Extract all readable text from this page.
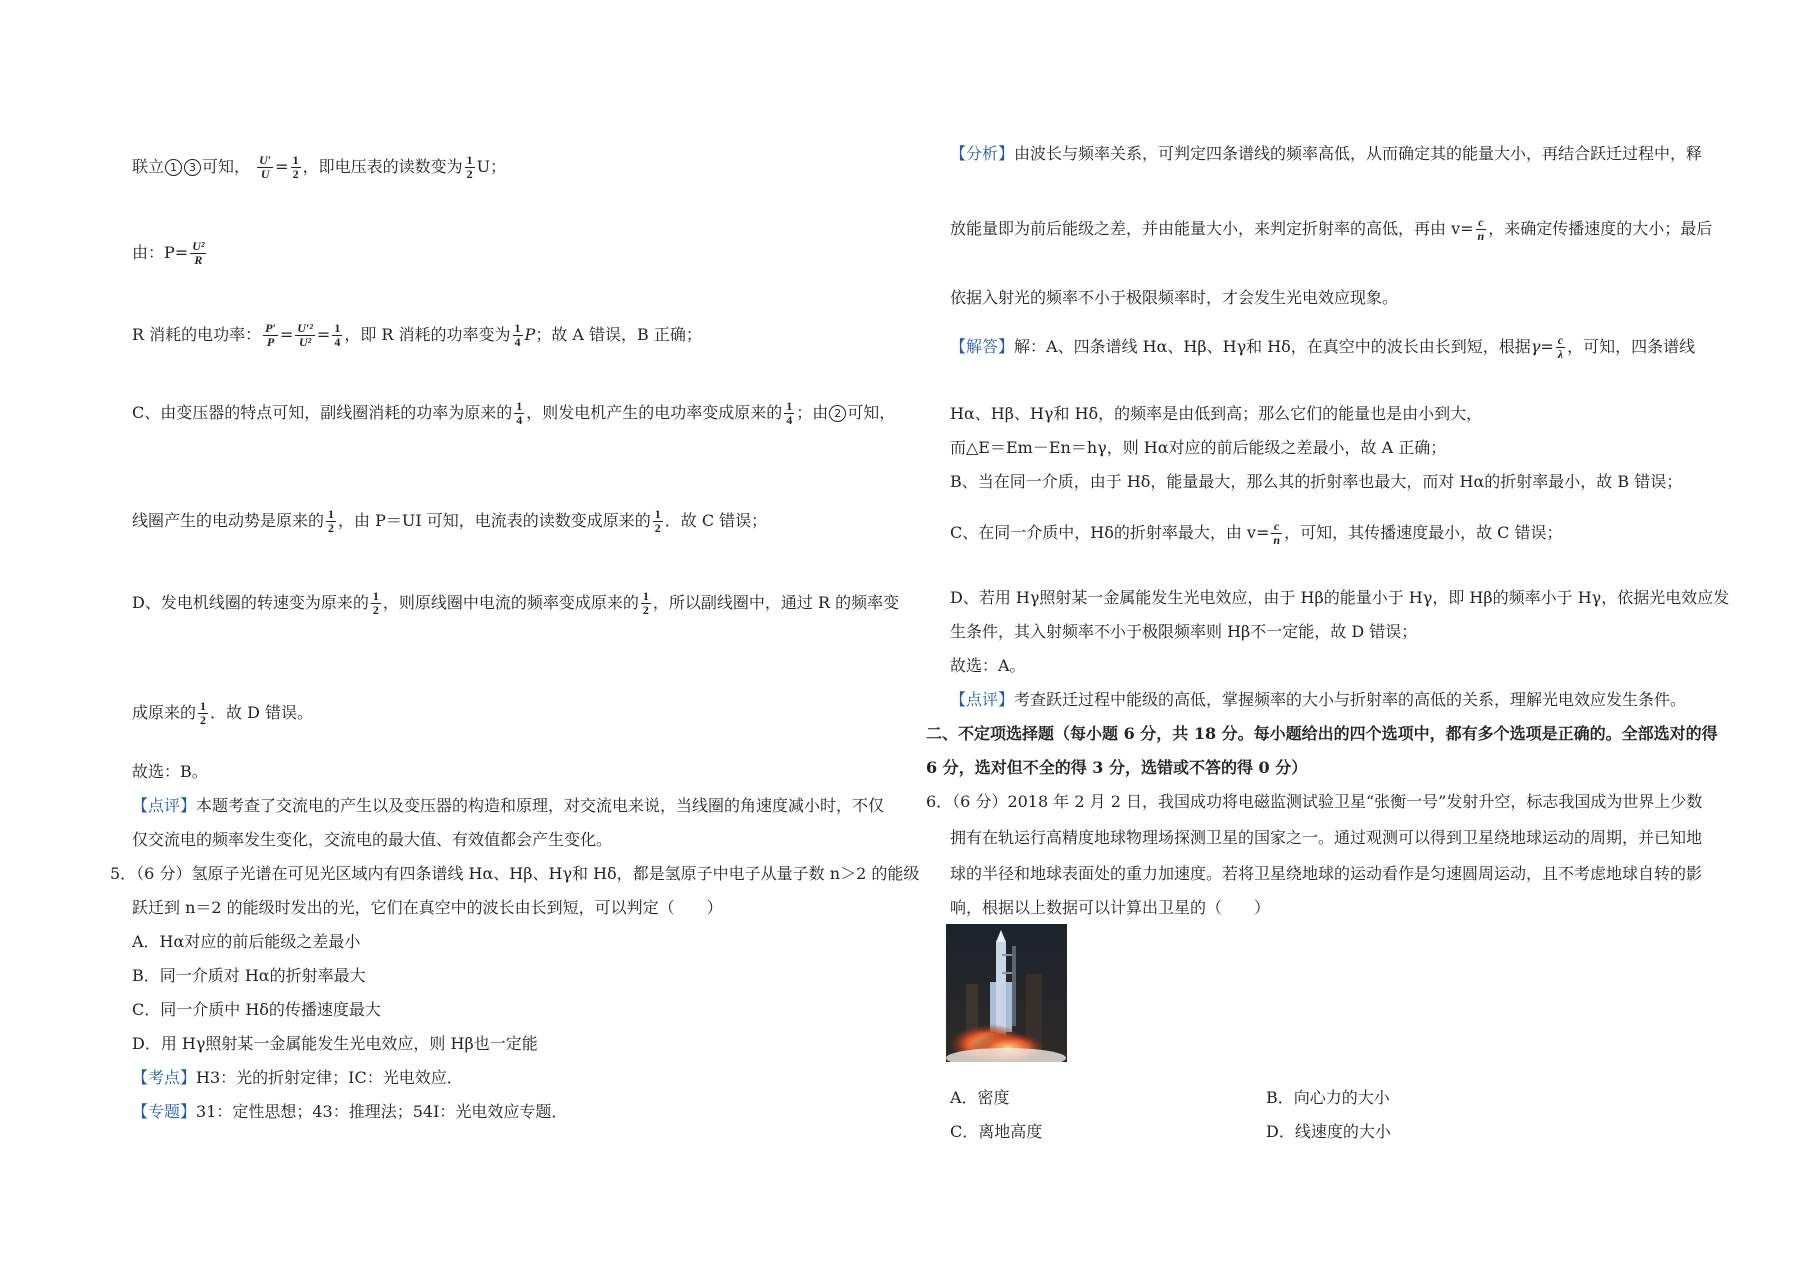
联立 1 3 可知， $\frac{U'}{U} = \frac{1}{2}$ ，即电压表的读数变为 $\frac{1}{2}$ U；
由：$P= \frac{\text{U²}}{R}$
R 消耗的电功率： $\frac{P'}{P} = \frac{\text{U′²}}{\text{U²}} = \frac{1}{4}$ ，即 R 消耗的功率变为 $\frac{1}{4}$ P；故 A 错误，B 正确；
C、由变压器的特点可知，副线圈消耗的功率为原来的 $\frac{1}{4}$ ，则发电机产生的电功率变成原来的 $\frac{1}{4}$ ；由 2 可知，
线圈产生的电动势是原来的 $\frac{1}{2}$ ，由 P＝UI 可知，电流表的读数变成原来的 $\frac{1}{2}$ ．故 C 错误；
D、发电机线圈的转速变为原来的 $\frac{1}{2}$ ，则原线圈中电流的频率变成原来的 $\frac{1}{2}$ ，所以副线圈中，通过 R 的频率变
成原来的 $\frac{1}{2}$ ．故 D 错误。
故选：B。
【点评】本题考查了交流电的产生以及变压器的构造和原理，对交流电来说，当线圈的角速度减小时，不仅
仅交流电的频率发生变化，交流电的最大值、有效值都会产生变化。
5．（6 分）氢原子光谱在可见光区域内有四条谱线 Hα、Hβ、Hγ和 Hδ，都是氢原子中电子从量子数 n＞2 的能级
跃迁到 n＝2 的能级时发出的光，它们在真空中的波长由长到短，可以判定（　　）
A．Hα对应的前后能级之差最小
B．同一介质对 Hα的折射率最大
C．同一介质中 Hδ的传播速度最大
D．用 Hγ照射某一金属能发生光电效应，则 Hβ也一定能
【考点】H3：光的折射定律；IC：光电效应．
【专题】31：定性思想；43：推理法；54I：光电效应专题．
【分析】由波长与频率关系，可判定四条谱线的频率高低，从而确定其的能量大小，再结合跃迁过程中，释
放能量即为前后能级之差，并由能量大小，来判定折射率的高低，再由 $v= \frac{c}{n}$ ，来确定传播速度的大小；最后
依据入射光的频率不小于极限频率时，才会发生光电效应现象。
【解答】解：A、四条谱线 Hα、Hβ、Hγ和 Hδ，在真空中的波长由长到短，根据$\gamma= \frac{c}{\lambda}$ ，可知，四条谱线
Hα、Hβ、Hγ和 Hδ，的频率是由低到高；那么它们的能量也是由小到大，
而△E＝Em－En＝hγ，则 Hα对应的前后能级之差最小，故 A 正确；
B、当在同一介质，由于 Hδ，能量最大，那么其的折射率也最大，而对 Hα的折射率最小，故 B 错误；
C、在同一介质中，Hδ的折射率最大，由 $v= \frac{c}{n}$ ，可知，其传播速度最小，故 C 错误；
D、若用 Hγ照射某一金属能发生光电效应，由于 Hβ的能量小于 Hγ，即 Hβ的频率小于 Hγ，依据光电效应发
生条件，其入射频率不小于极限频率则 Hβ不一定能，故 D 错误；
故选：A。
【点评】考查跃迁过程中能级的高低，掌握频率的大小与折射率的高低的关系，理解光电效应发生条件。
二、不定项选择题（每小题 6 分，共 18 分。每小题给出的四个选项中，都有多个选项是正确的。全部选对的得
6 分，选对但不全的得 3 分，选错或不答的得 0 分）
6．（6 分）2018 年 2 月 2 日，我国成功将电磁监测试验卫星“张衡一号”发射升空，标志我国成为世界上少数
拥有在轨运行高精度地球物理场探测卫星的国家之一。通过观测可以得到卫星绕地球运动的周期，并已知地
球的半径和地球表面处的重力加速度。若将卫星绕地球的运动看作是匀速圆周运动，且不考虑地球自转的影
响，根据以上数据可以计算出卫星的（　　）
A．密度	B．向心力的大小
C．离地高度	D．线速度的大小
